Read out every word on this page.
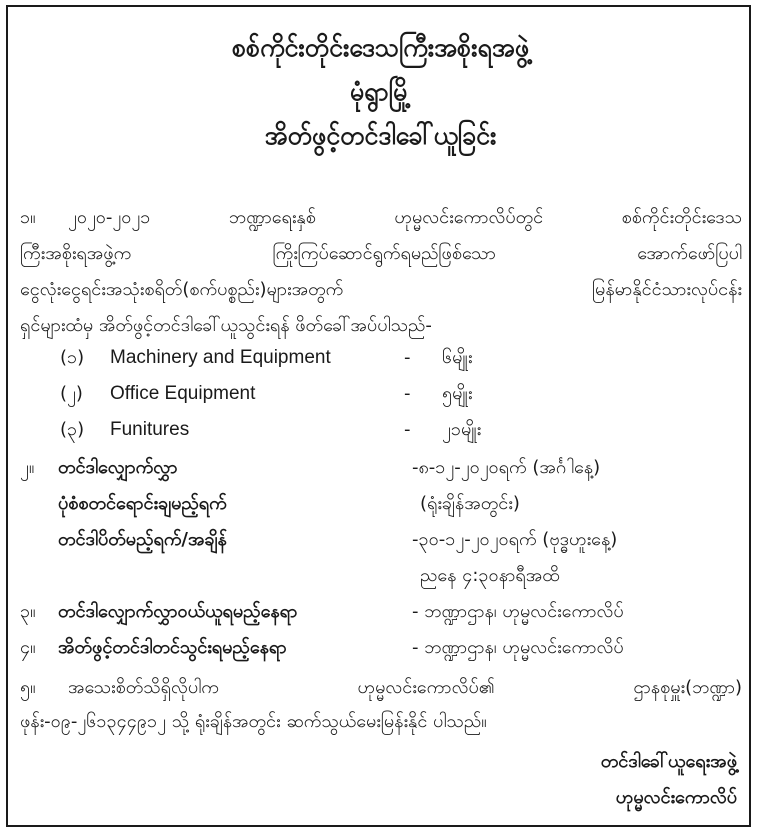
စစ်ကိုင်းတိုင်းဒေသကြီးအစိုးရအဖွဲ့
မုံရွာမြို့
အိတ်ဖွင့်တင်ဒါခေါ်ယူခြင်း
၁။ ၂၀၂၀-၂၀၂၁ ဘဏ္ဍာရေးနှစ် ဟုမ္မလင်းကောလိပ်တွင် စစ်ကိုင်းတိုင်းဒေသ
ကြီးအစိုးရအဖွဲ့က ကြိုးကြပ်ဆောင်ရွက်ရမည်ဖြစ်သော အောက်ဖော်ပြပါ
ငွေလုံးငွေရင်းအသုံးစရိတ်(စက်ပစ္စည်း)များအတွက် မြန်မာနိုင်ငံသားလုပ်ငန်း
ရှင်များထံမှ အိတ်ဖွင့်တင်ဒါခေါ်ယူသွင်းရန် ဖိတ်ခေါ်အပ်ပါသည်-
(၁) Machinery and Equipment	- ၆မျိုး
(၂) Office Equipment	- ၅မျိုး
(၃) Funitures	- ၂၁မျိုး
၂။ တင်ဒါလျှောက်လွှာ	-၈-၁၂-၂၀၂၀ရက် (အင်္ဂါနေ့)
ပုံစံစတင်ရောင်းချမည့်ရက်	(ရုံးချိန်အတွင်း)
တင်ဒါပိတ်မည့်ရက်/အချိန်	-၃၀-၁၂-၂၀၂၀ရက် (ဗုဒ္ဓဟူးနေ့)
ညနေ ၄:၃၀နာရီအထိ
၃။ တင်ဒါလျှောက်လွှာဝယ်ယူရမည့်နေရာ	- ဘဏ္ဍာဌာန၊ ဟုမ္မလင်းကောလိပ်
၄။ အိတ်ဖွင့်တင်ဒါတင်သွင်းရမည့်နေရာ	- ဘဏ္ဍာဌာန၊ ဟုမ္မလင်းကောလိပ်
၅။ အသေးစိတ်သိရှိလိုပါက ဟုမ္မလင်းကောလိပ်၏ ဌာနစုမှူး(ဘဏ္ဍာ)
ဖုန်း-၀၉-၂၆၁၃၄၄၉၁၂ သို့ ရုံးချိန်အတွင်း ဆက်သွယ်မေးမြန်းနိုင် ပါသည်။
တင်ဒါခေါ်ယူရေးအဖွဲ့
ဟုမ္မလင်းကောလိပ်
